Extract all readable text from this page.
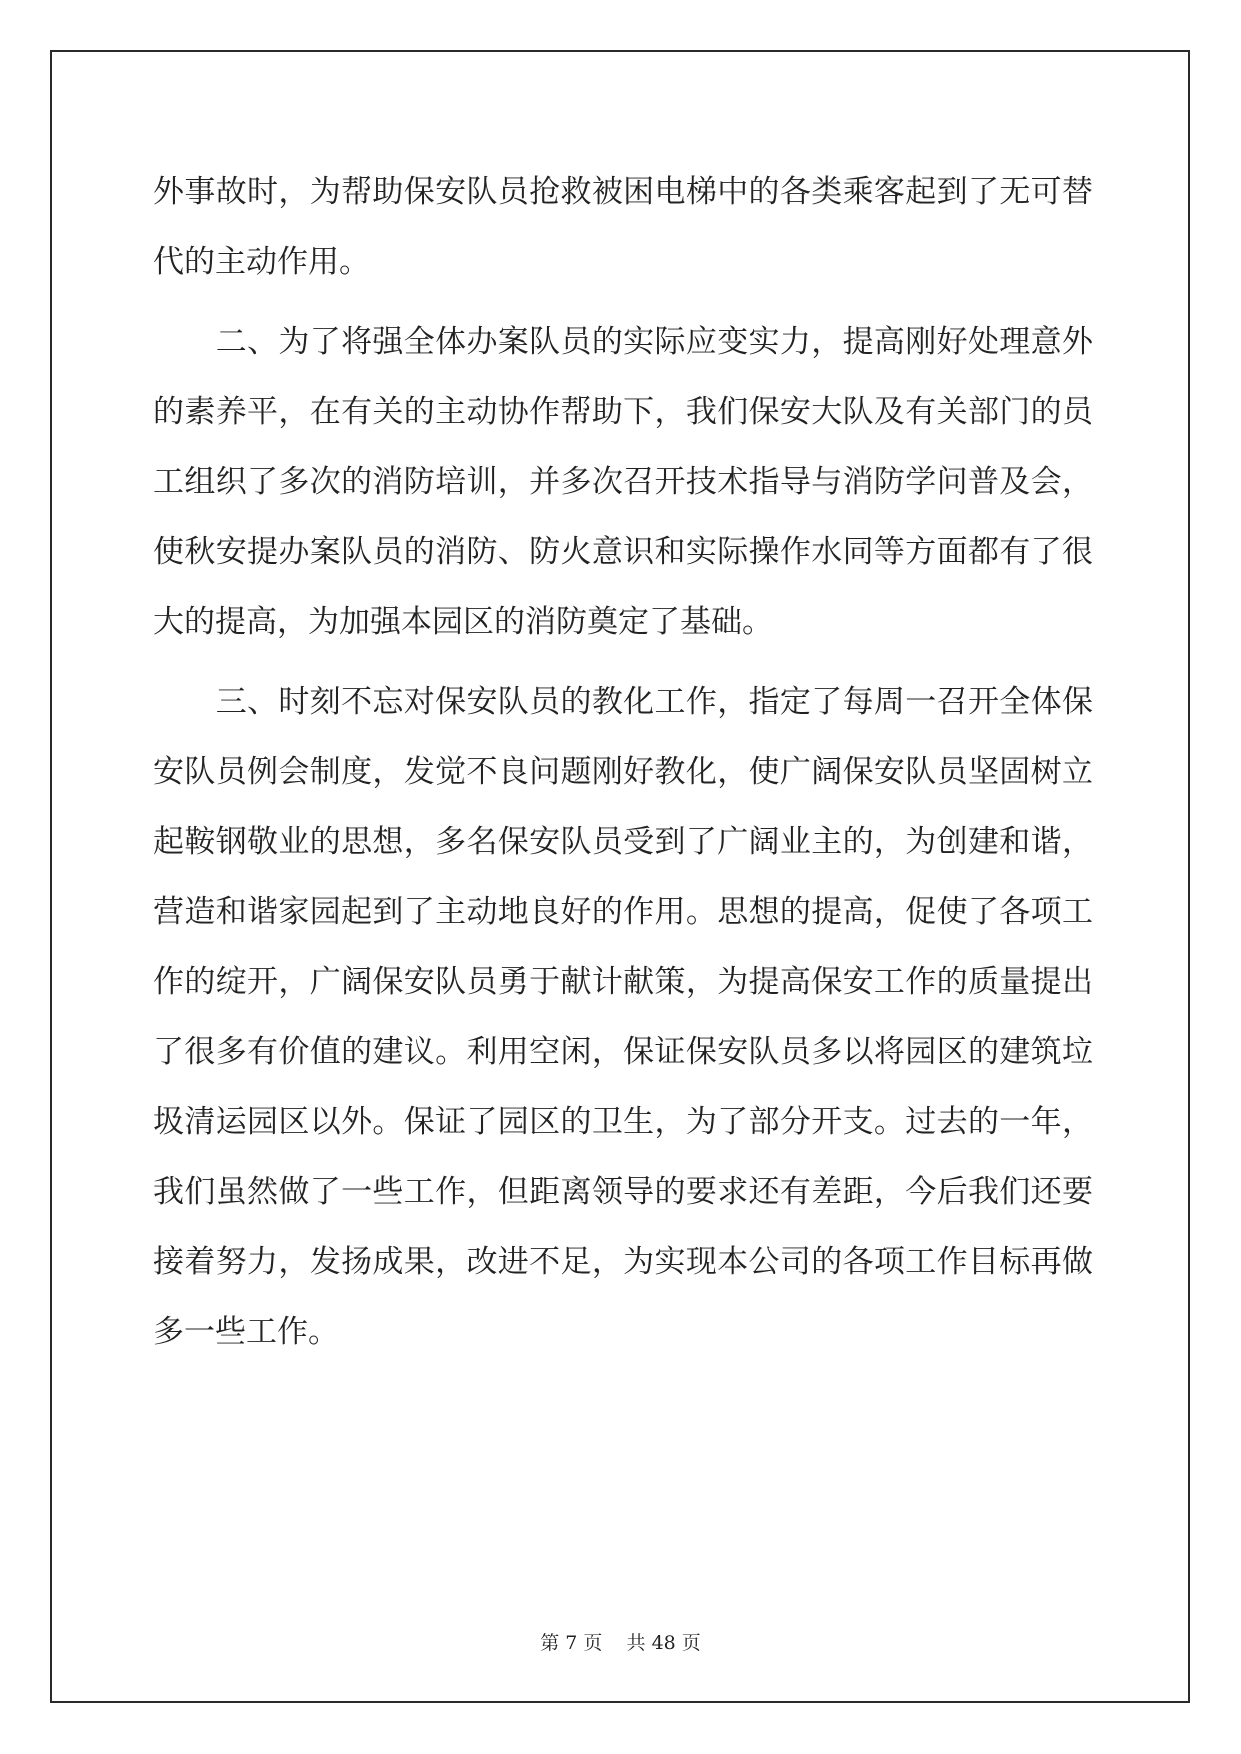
外事故时，为帮助保安队员抢救被困电梯中的各类乘客起到了无可替
代的主动作用。
　　二、为了将强全体办案队员的实际应变实力，提高刚好处理意外
的素养平，在有关的主动协作帮助下，我们保安大队及有关部门的员
工组织了多次的消防培训，并多次召开技术指导与消防学问普及会，
使秋安提办案队员的消防、防火意识和实际操作水同等方面都有了很
大的提高，为加强本园区的消防奠定了基础。
　　三、时刻不忘对保安队员的教化工作，指定了每周一召开全体保
安队员例会制度，发觉不良问题刚好教化，使广阔保安队员坚固树立
起鞍钢敬业的思想，多名保安队员受到了广阔业主的，为创建和谐，
营造和谐家园起到了主动地良好的作用。思想的提高，促使了各项工
作的绽开，广阔保安队员勇于献计献策，为提高保安工作的质量提出
了很多有价值的建议。利用空闲，保证保安队员多以将园区的建筑垃
圾清运园区以外。保证了园区的卫生，为了部分开支。过去的一年，
我们虽然做了一些工作，但距离领导的要求还有差距，今后我们还要
接着努力，发扬成果，改进不足，为实现本公司的各项工作目标再做
多一些工作。
第 7 页 共 48 页
